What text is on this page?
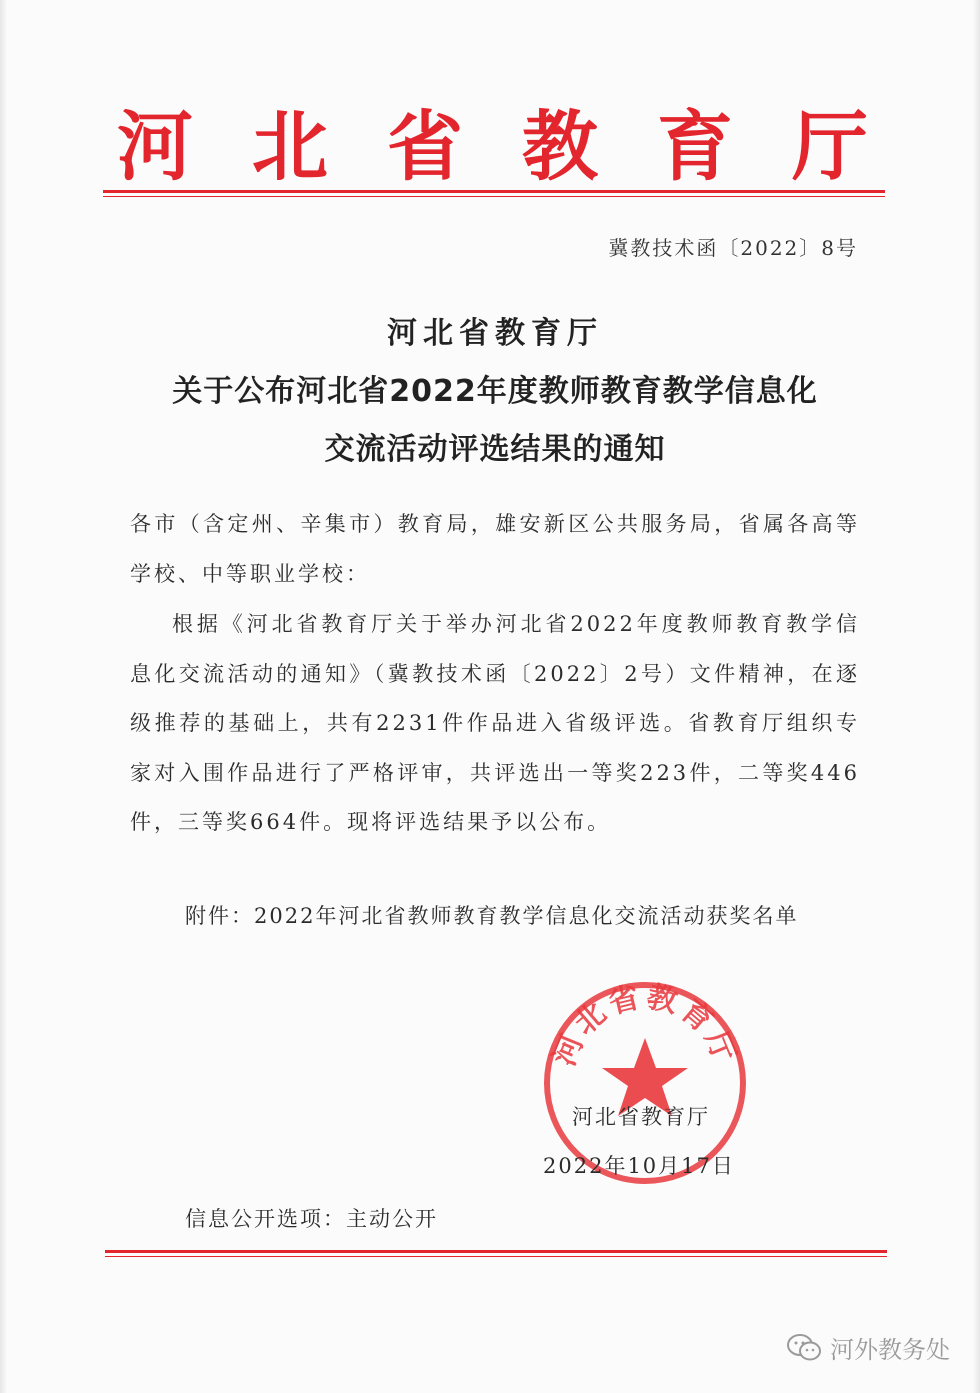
河 北 省 教 育 厅
冀教技术函〔2022〕8号
河北省教育厅
关于公布河北省2022年度教师教育教学信息化
交流活动评选结果的通知
各市（含定州、辛集市）教育局，雄安新区公共服务局，省属各高等学校、中等职业学校：
根据《河北省教育厅关于举办河北省2022年度教师教育教学信息化交流活动的通知》（冀教技术函〔2022〕2号）文件精神，在逐级推荐的基础上，共有2231件作品进入省级评选。省教育厅组织专家对入围作品进行了严格评审，共评选出一等奖223件，二等奖446件，三等奖664件。现将评选结果予以公布。
附件：2022年河北省教师教育教学信息化交流活动获奖名单
河北省教育厅
河北省教育厅
2022年10月17日
信息公开选项：主动公开
河外教务处
